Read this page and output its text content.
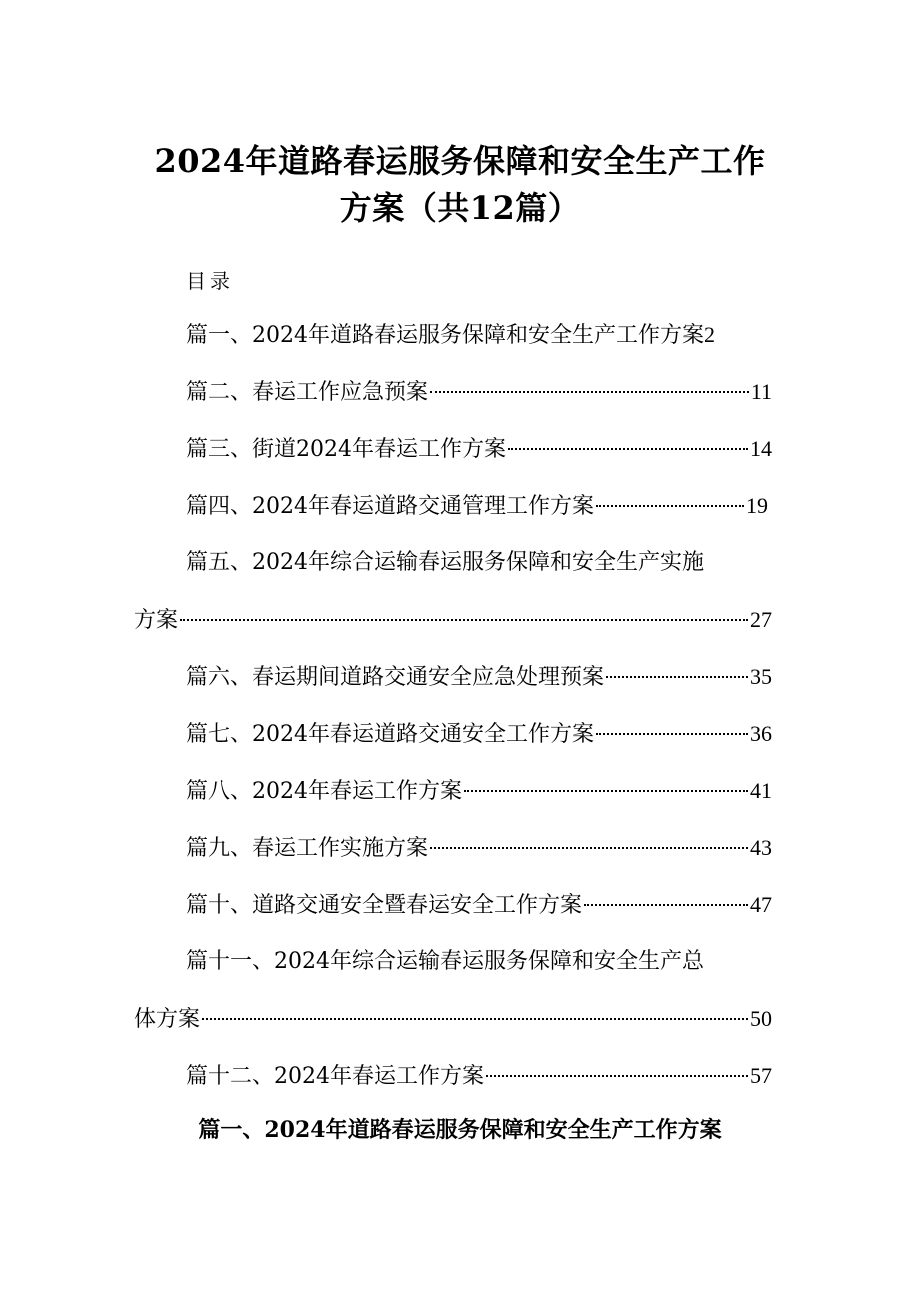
2024年道路春运服务保障和安全生产工作
方案（共12篇）
目录
篇一、2024年道路春运服务保障和安全生产工作方案 2
篇二、春运工作应急预案	11
篇三、街道2024年春运工作方案	14
篇四、2024年春运道路交通管理工作方案	19
篇五、2024年综合运输春运服务保障和安全生产实施
方案	27
篇六、春运期间道路交通安全应急处理预案	35
篇七、2024年春运道路交通安全工作方案	36
篇八、2024年春运工作方案	41
篇九、春运工作实施方案	43
篇十、道路交通安全暨春运安全工作方案	47
篇十一、2024年综合运输春运服务保障和安全生产总
体方案	50
篇十二、2024年春运工作方案	57
篇一、2024年道路春运服务保障和安全生产工作方案
